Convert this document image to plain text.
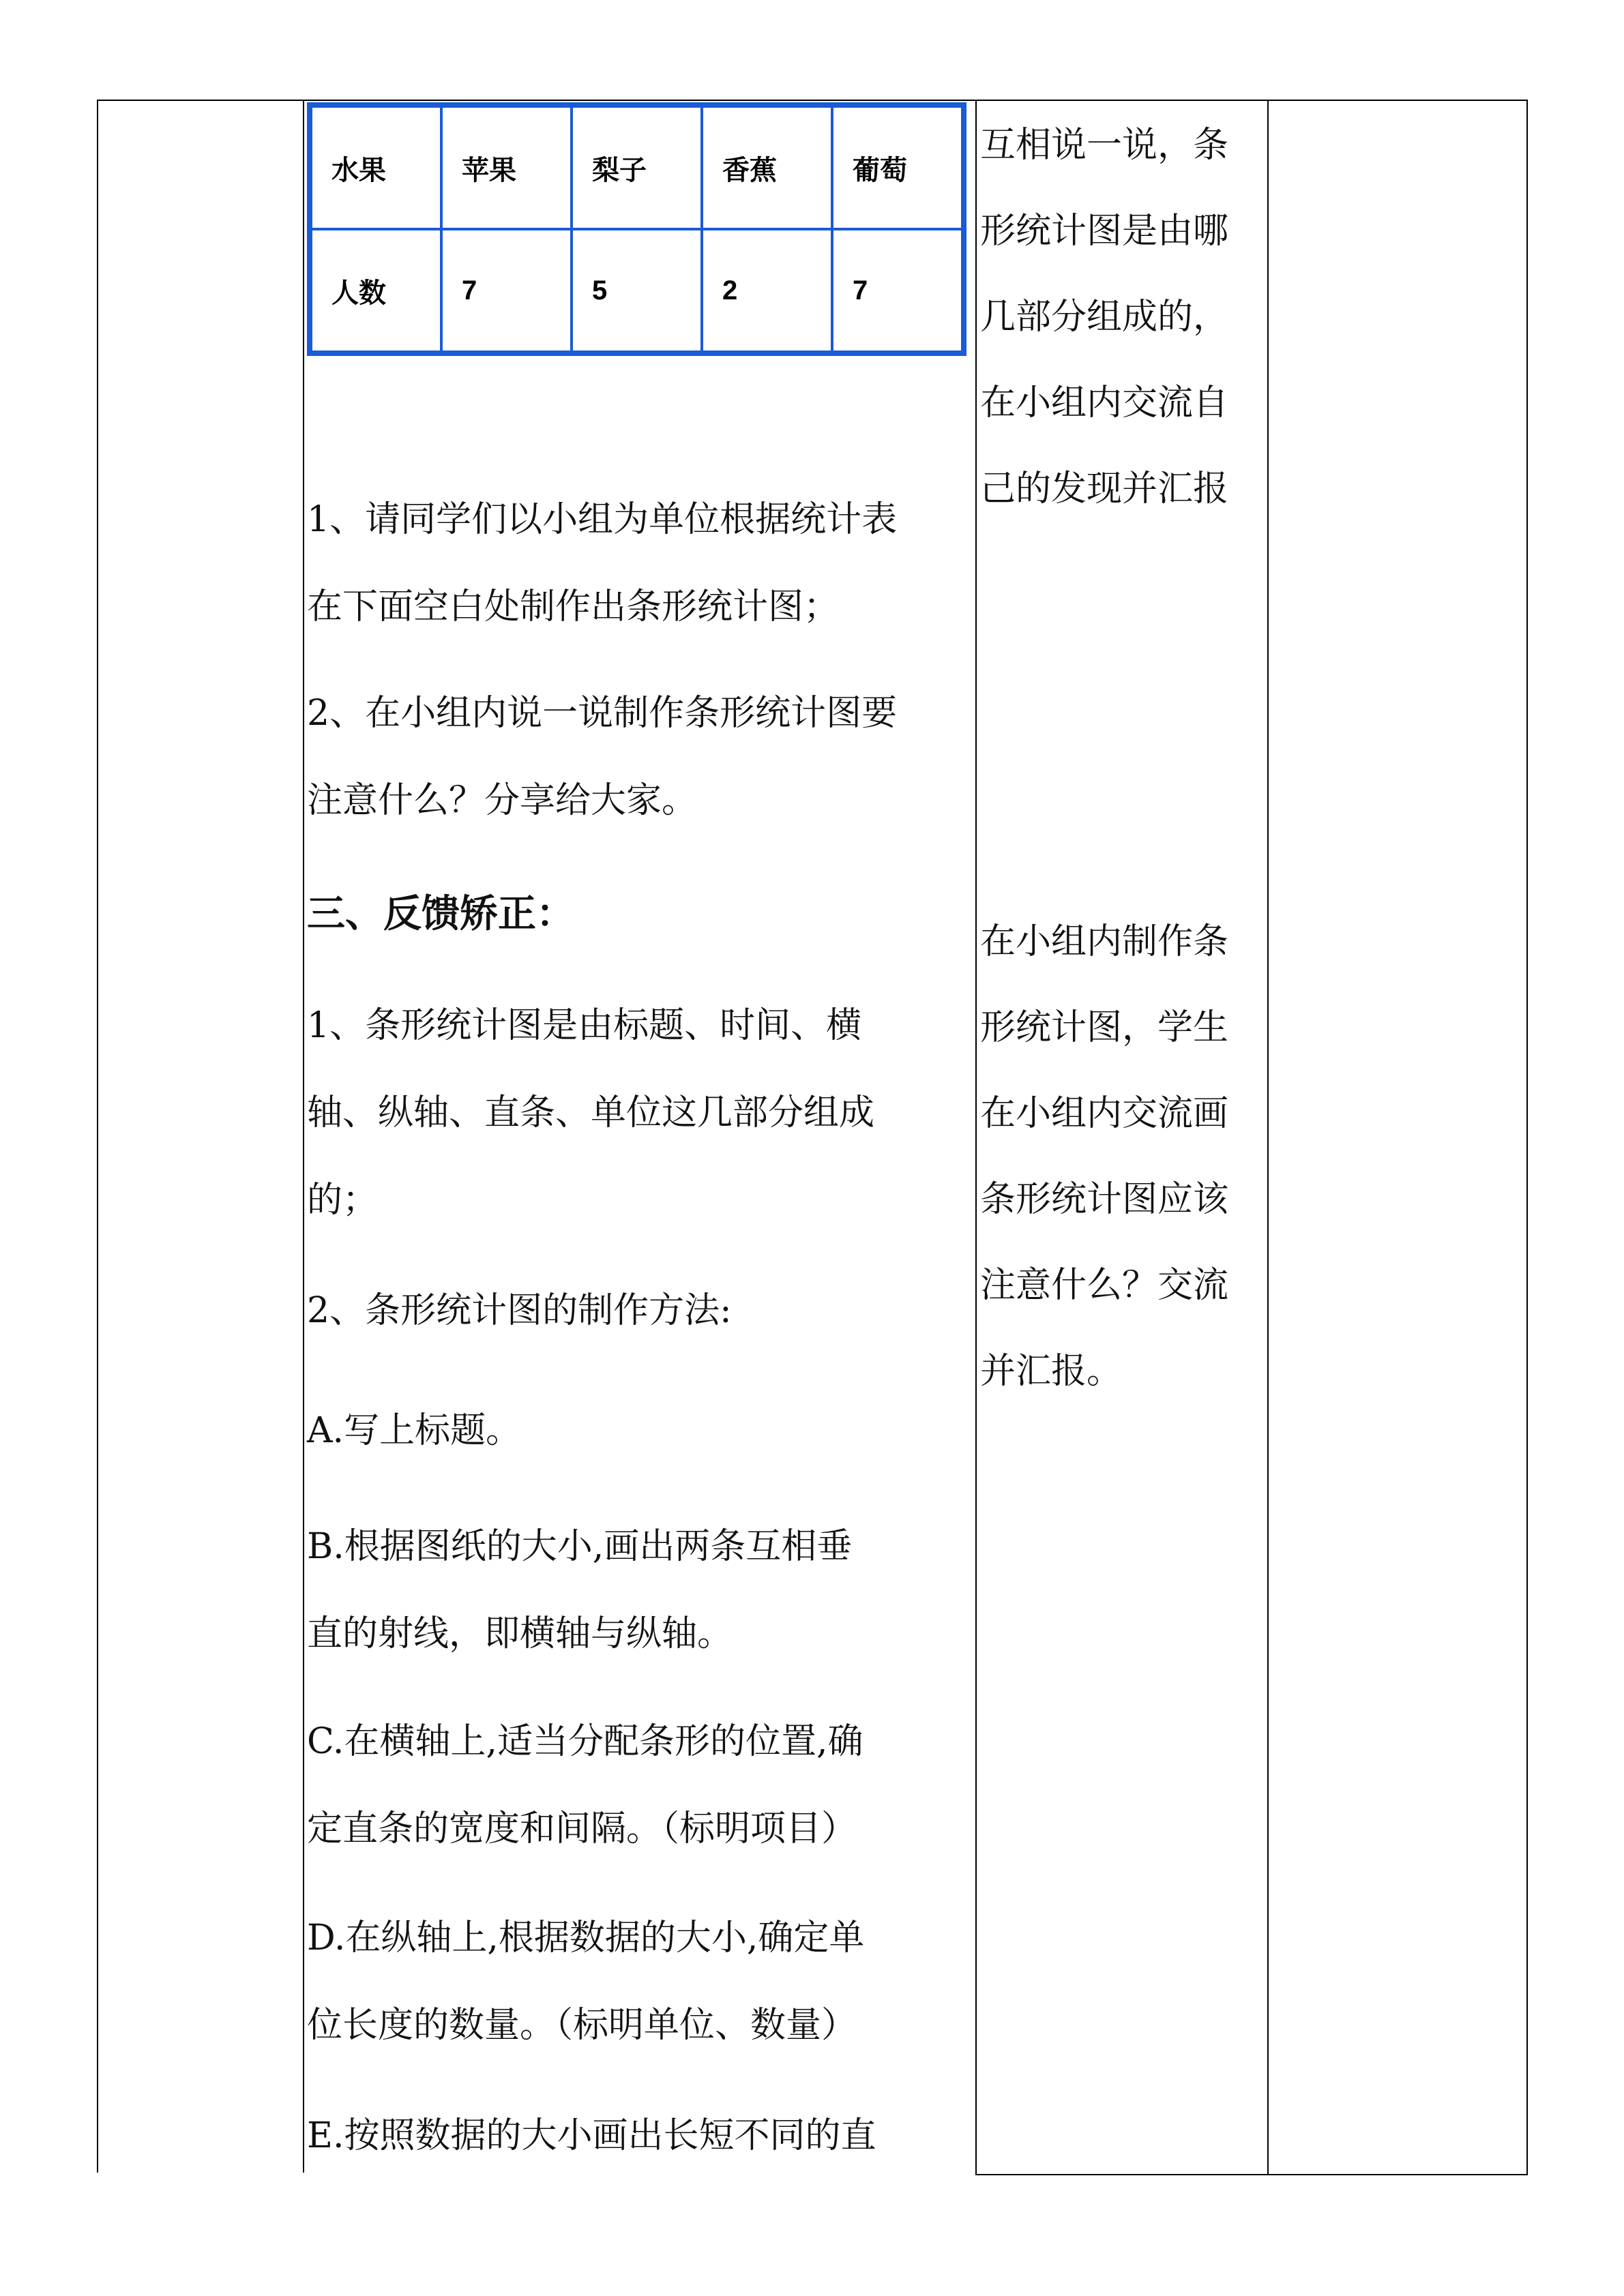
水果	苹果	梨子	香蕉	葡萄
人数	7	5	2	7
1、请同学们以小组为单位根据统计表
在下面空白处制作出条形统计图；
2、在小组内说一说制作条形统计图要
注意什么？分享给大家。
三、反馈矫正：
1、条形统计图是由标题、时间、横
轴、纵轴、直条、单位这几部分组成
的；
2、条形统计图的制作方法:
A.写上标题。
B.根据图纸的大小,画出两条互相垂
直的射线，即横轴与纵轴。
C.在横轴上,适当分配条形的位置,确
定直条的宽度和间隔。（标明项目）
D.在纵轴上,根据数据的大小,确定单
位长度的数量。（标明单位、数量）
E.按照数据的大小画出长短不同的直
互相说一说，条
形统计图是由哪
几部分组成的，
在小组内交流自
己的发现并汇报
在小组内制作条
形统计图，学生
在小组内交流画
条形统计图应该
注意什么？交流
并汇报。
